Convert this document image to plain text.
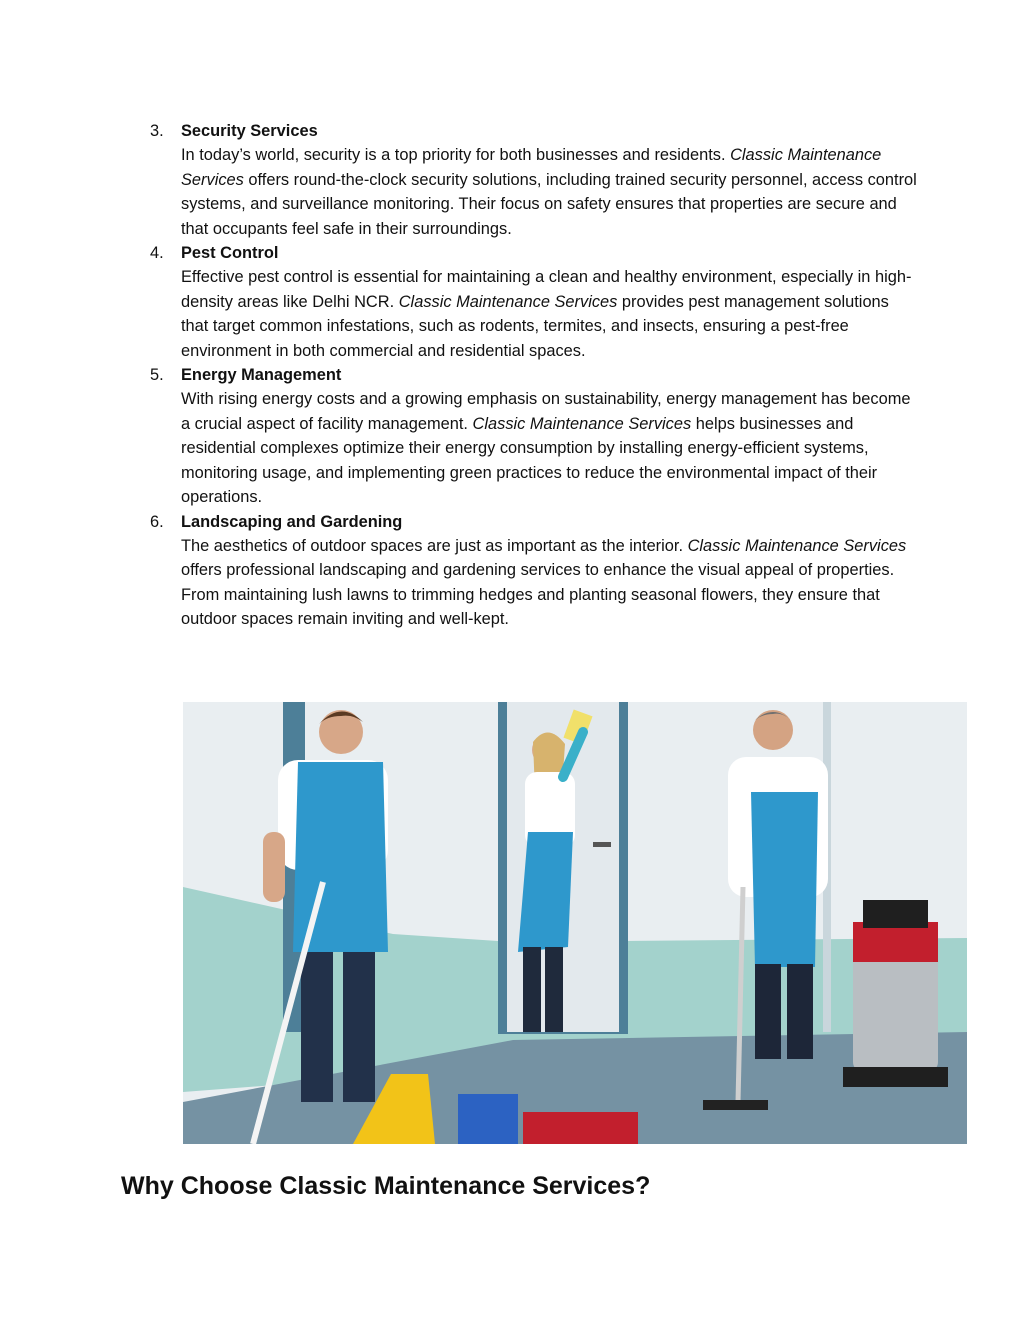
3. Security Services
In today’s world, security is a top priority for both businesses and residents. Classic Maintenance Services offers round-the-clock security solutions, including trained security personnel, access control systems, and surveillance monitoring. Their focus on safety ensures that properties are secure and that occupants feel safe in their surroundings.
4. Pest Control
Effective pest control is essential for maintaining a clean and healthy environment, especially in high-density areas like Delhi NCR. Classic Maintenance Services provides pest management solutions that target common infestations, such as rodents, termites, and insects, ensuring a pest-free environment in both commercial and residential spaces.
5. Energy Management
With rising energy costs and a growing emphasis on sustainability, energy management has become a crucial aspect of facility management. Classic Maintenance Services helps businesses and residential complexes optimize their energy consumption by installing energy-efficient systems, monitoring usage, and implementing green practices to reduce the environmental impact of their operations.
6. Landscaping and Gardening
The aesthetics of outdoor spaces are just as important as the interior. Classic Maintenance Services offers professional landscaping and gardening services to enhance the visual appeal of properties. From maintaining lush lawns to trimming hedges and planting seasonal flowers, they ensure that outdoor spaces remain inviting and well-kept.
Why Choose Classic Maintenance Services?
